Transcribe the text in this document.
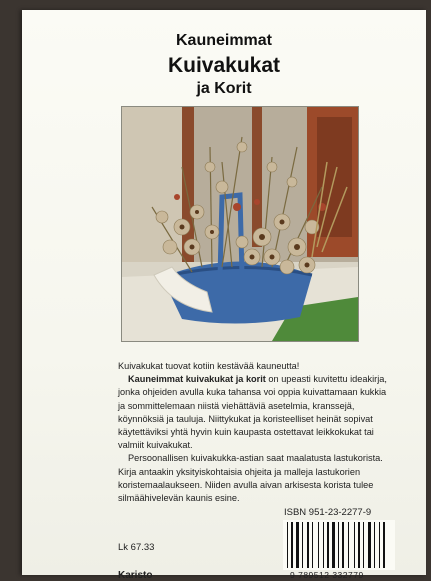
Kauneimmat
Kuivakukat
ja Korit

Kuivakukat tuovat kotiin kestävää kauneutta!

Kauneimmat kuivakukat ja korit on upeasti kuvitettu ideakirja, jonka ohjeiden avulla kuka tahansa voi oppia kuivattamaan kukkia ja sommittelemaan niistä viehättäviä asetelmia, kranssejä, köynnöksiä ja tauluja. Niittykukat ja koristeelliset heinät sopivat käytettäviksi yhtä hyvin kuin kaupasta ostettavat leikkokukat tai valmiit kuivakukat.

Persoonallisen kuivakukka-astian saat maalatusta lastukorista. Kirja antaakin yksityiskohtaisia ohjeita ja malleja lastukorien koristemaalaukseen. Niiden avulla aivan arkisesta korista tulee silmäähivelevän kaunis esine.

ISBN 951-23-2277-9
9 789512 332779
Lk 67.33
Karisto
